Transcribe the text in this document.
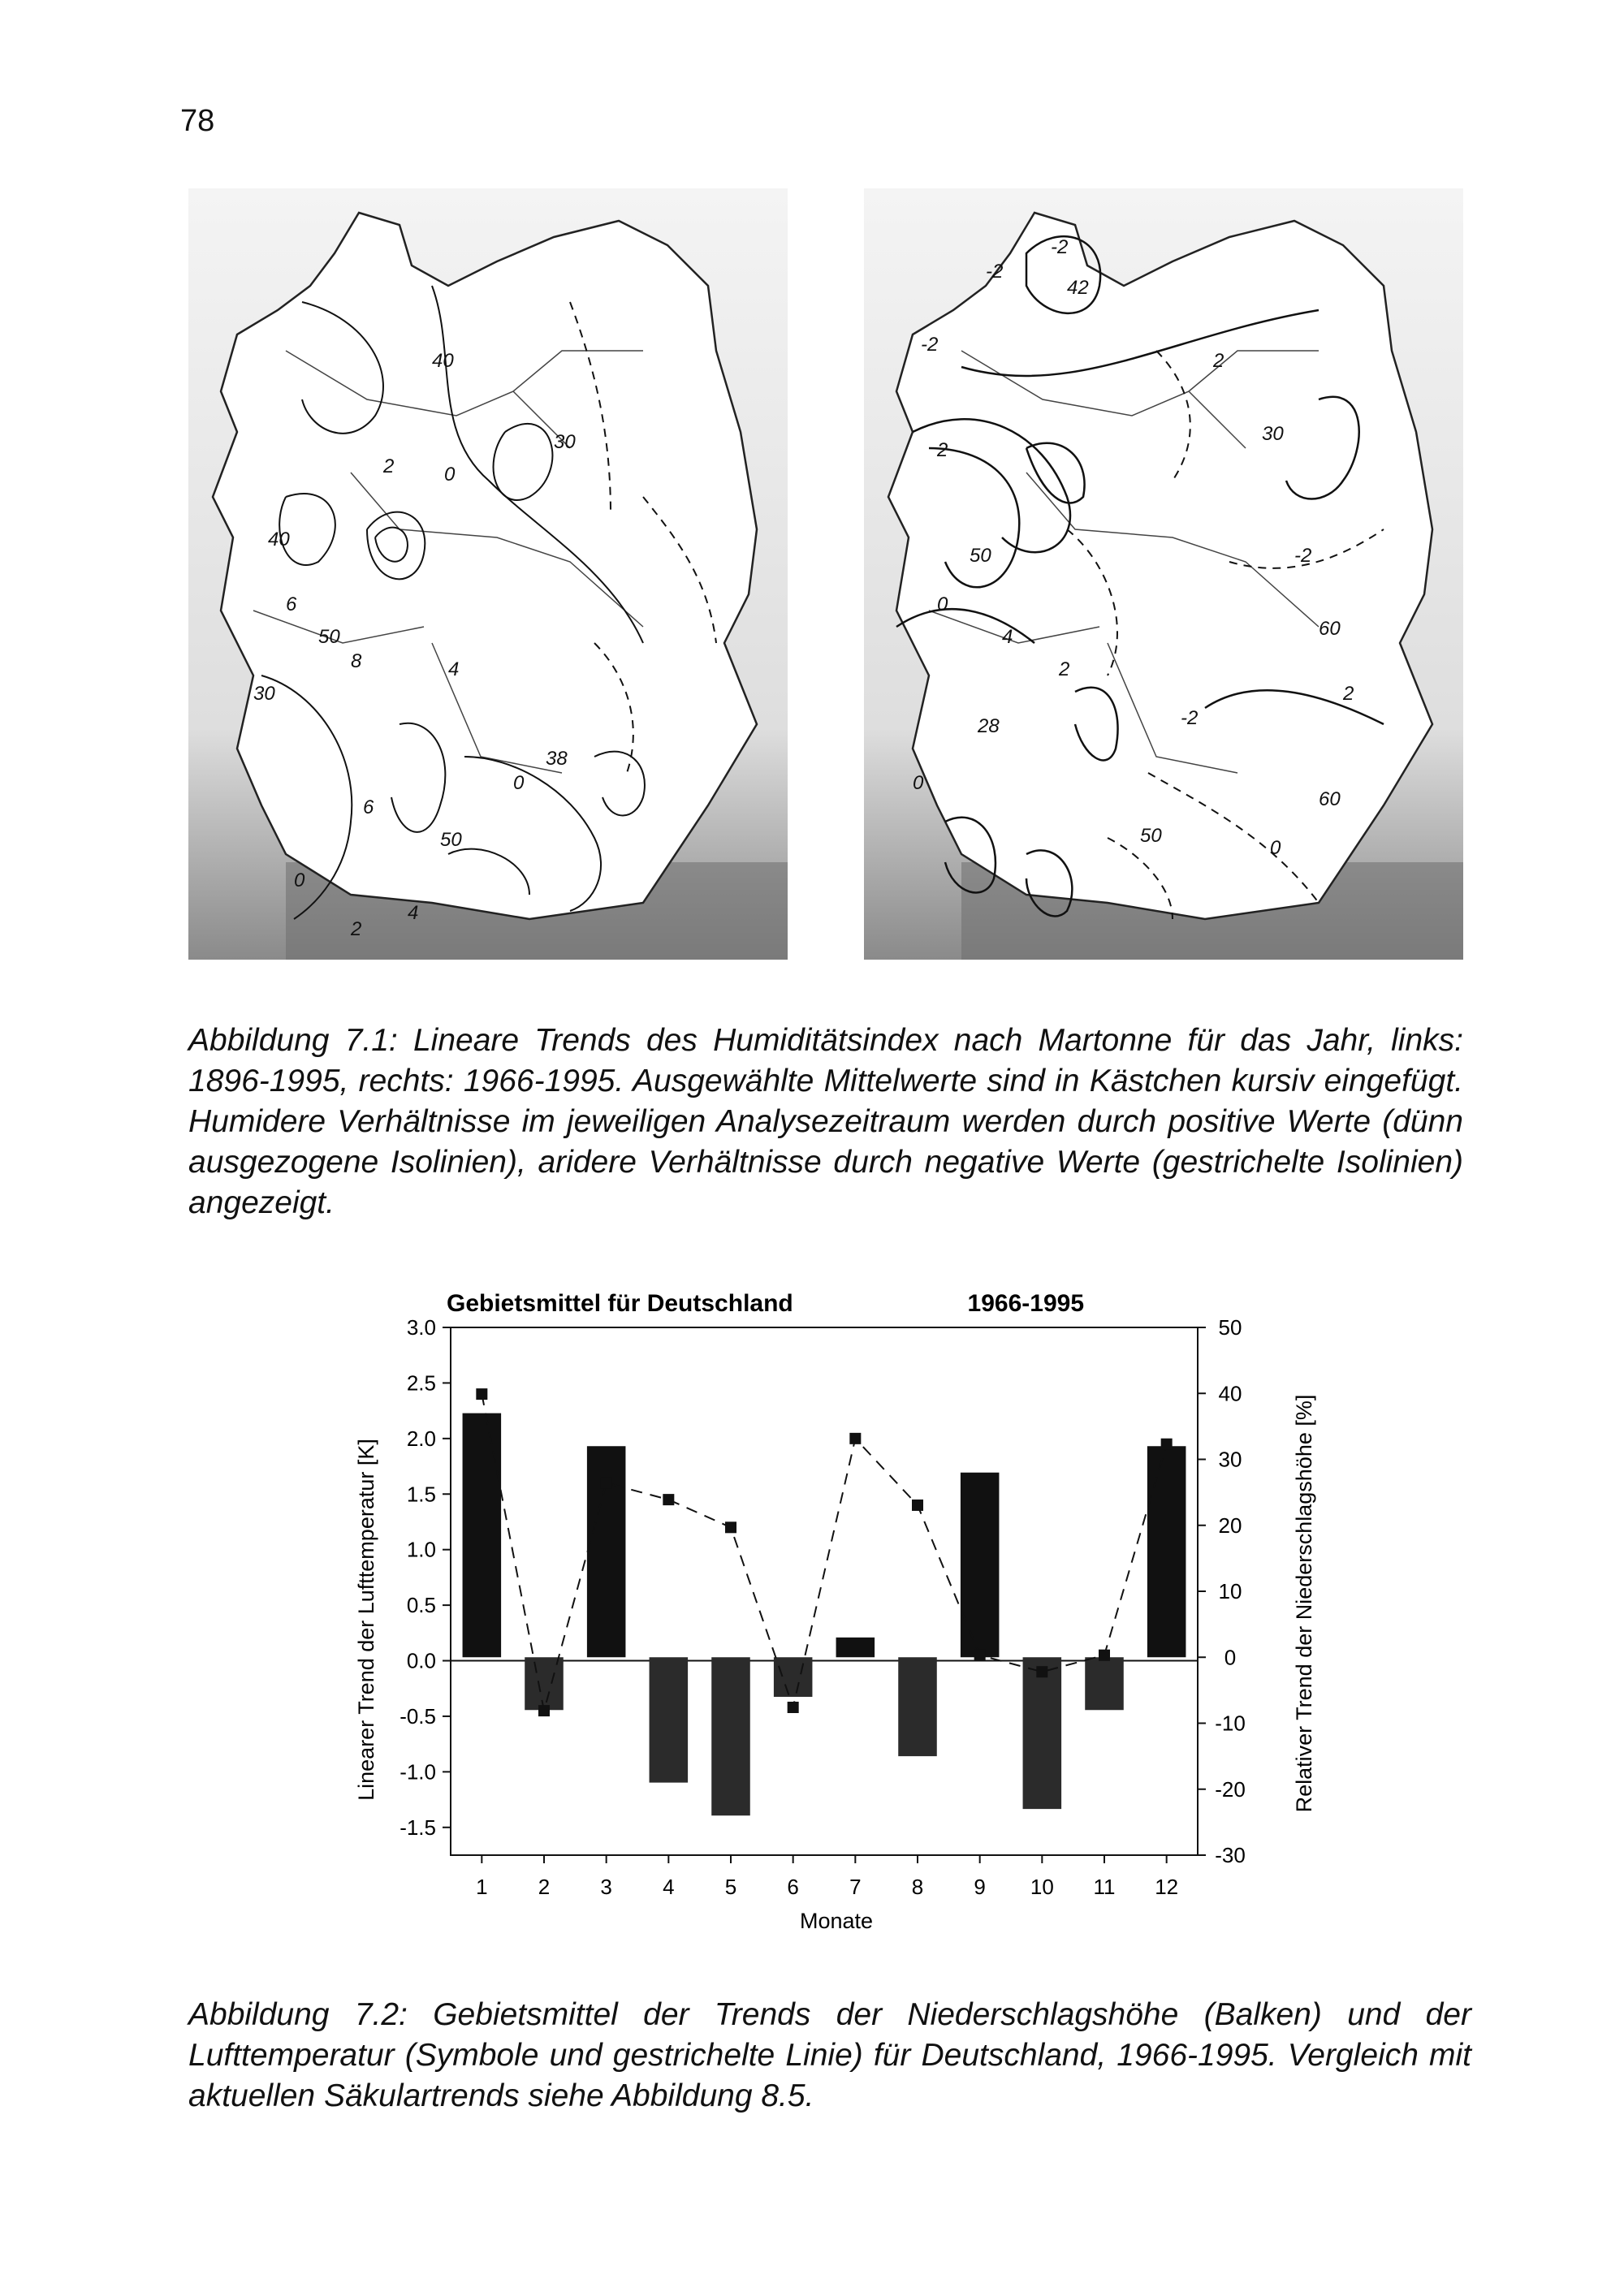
78
40
30
0
2
40
6
50
8
30
4
38
0
50
6
0
2
4
-2
-2
42
-2
2
30
-2
2
50
0
28
2
4
0
60
-2
60
50
0
2

Abbildung 7.1: Lineare Trends des Humiditätsindex nach Martonne für das Jahr, links: 1896-1995, rechts: 1966-1995. Ausgewählte Mittelwerte sind in Kästchen kursiv eingefügt. Humidere Verhältnisse im jeweiligen Analysezeitraum werden durch positive Werte (dünn ausgezogene Isolinien), aridere Verhältnisse durch negative Werte (gestrichelte Isolinien) angezeigt.

Gebietsmittel für Deutschland	1966-1995
Monate
Linearer Trend der Lufttemperatur [K]	Relativer Trend der Niederschlagshöhe [%]
3.0
2.5
2.0
1.5
1.0
0.5
0.0
-0.5
-1.0
-1.5
50
40
30
20
10
0
-10
-20
-30
1 2 3 4 5 6 7 8 9 10 11 12

Abbildung 7.2: Gebietsmittel der Trends der Niederschlagshöhe (Balken) und der Lufttemperatur (Symbole und gestrichelte Linie) für Deutschland, 1966-1995. Vergleich mit aktuellen Säkulartrends siehe Abbildung 8.5.
